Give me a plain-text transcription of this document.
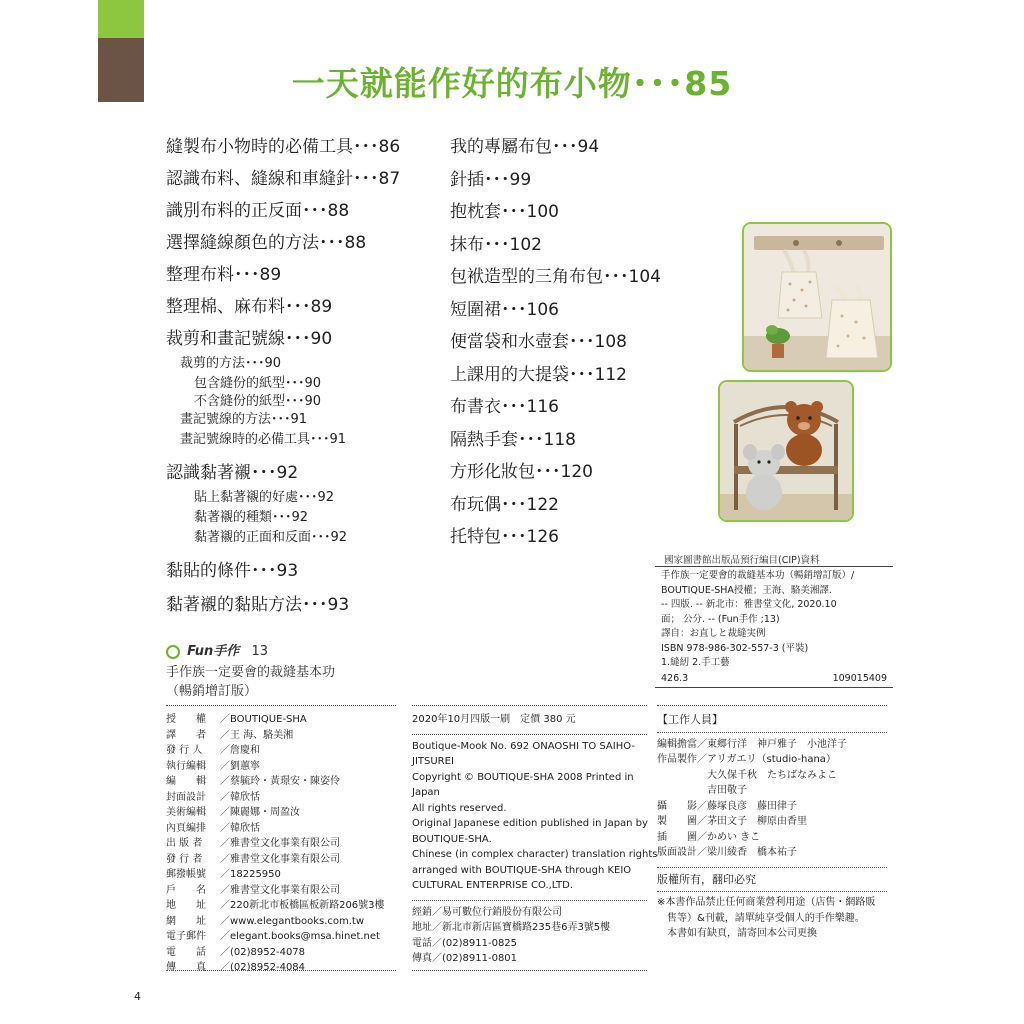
一天就能作好的布小物･･･85
縫製布小物時的必備工具･･･86
認識布料、縫線和車縫針･･･87
識別布料的正反面･･･88
選擇縫線顏色的方法･･･88
整理布料･･･89
整理棉、麻布料･･･89
裁剪和畫記號線･･･90
裁剪的方法･･･90
包含縫份的紙型･･･90
不含縫份的紙型･･･90
畫記號線的方法･･･91
畫記號線時的必備工具･･･91
認識黏著襯･･･92
貼上黏著襯的好處･･･92
黏著襯的種類･･･92
黏著襯的正面和反面･･･92
黏貼的條件･･･93
黏著襯的黏貼方法･･･93
我的專屬布包･･･94
針插･･･99
抱枕套･･･100
抹布･･･102
包袱造型的三角布包･･･104
短圍裙･･･106
便當袋和水壺套･･･108
上課用的大提袋･･･112
布書衣･･･116
隔熱手套･･･118
方形化妝包･･･120
布玩偶･･･122
托特包･･･126
國家圖書館出版品預行編目(CIP)資料
手作族一定要會的裁縫基本功（暢銷增訂版）/
BOUTIQUE-SHA授權；王海、駱美湘譯.
-- 四版. -- 新北市：雅書堂文化, 2020.10
面； 公分. -- (Fun手作 ;13)
譯自：お直しと裁縫実例
ISBN 978-986-302-557-3 (平裝)
1.縫紉 2.手工藝
426.3	109015409
Fun手作 13
手作族一定要會的裁縫基本功
（暢銷增訂版）
授　　權	／ BOUTIQUE-SHA
譯　　者	／ 王 海、駱美湘
發 行 人	／ 詹慶和
執行編輯	／ 劉蕙寧
編　　輯	／ 蔡毓玲・黃璟安・陳姿伶
封面設計	／ 韓欣恬
美術編輯	／ 陳麗娜・周盈汝
內頁編排	／ 韓欣恬
出 版 者	／ 雅書堂文化事業有限公司
發 行 者	／ 雅書堂文化事業有限公司
郵撥帳號	／ 18225950
戶　　名	／ 雅書堂文化事業有限公司
地　　址	／ 220新北市板橋區板新路206號3樓
網　　址	／ www.elegantbooks.com.tw
電子郵件	／ elegant.books@msa.hinet.net
電　　話	／ (02)8952-4078
傳　　真	／ (02)8952-4084
2020年10月四版一刷　定價 380 元
Boutique-Mook No. 692 ONAOSHI TO SAIHO-
JITSUREI
Copyright © BOUTIQUE-SHA 2008 Printed in
Japan
All rights reserved.
Original Japanese edition published in Japan by
BOUTIQUE-SHA.
Chinese (in complex character) translation rights
arranged with BOUTIQUE-SHA through KEIO
CULTURAL ENTERPRISE CO.,LTD.
經銷／易可數位行銷股份有限公司
地址／新北市新店區寶橋路235巷6弄3號5樓
電話／(02)8911-0825
傳真／(02)8911-0801
【工作人員】
編輯擔當／東郷行洋　神戸雅子　小池洋子
作品製作／アリガエリ（studio-hana）
　　　　　大久保千秋　たちばなみよこ
　　　　　吉田敬子
攝　　影／藤塚良彦　藤田律子
製　　圖／茅田文子　柳原由香里
插　　圖／かめい きこ
版面設計／梁川綾香　橋本祐子
版權所有，翻印必究
※本書作品禁止任何商業營利用途（店售・網路販
　售等）&刊載，請單純享受個人的手作樂趣。
　本書如有缺頁，請寄回本公司更換
4
